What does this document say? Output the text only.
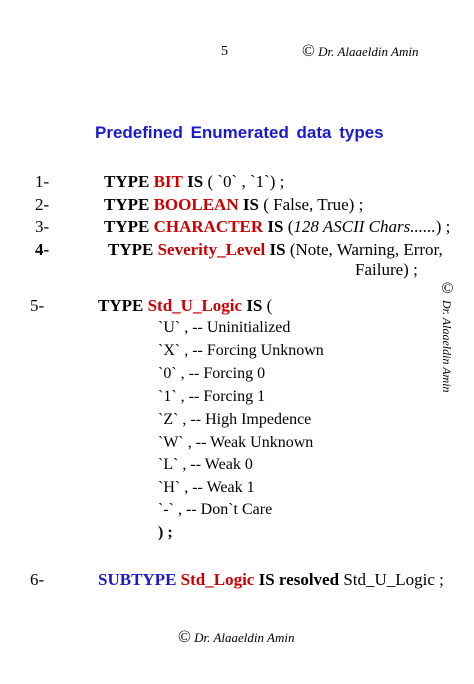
5	© Dr. Alaaeldin Amin
Predefined Enumerated data types
1-	TYPE BIT IS ( `0` , `1`) ;
2-	TYPE BOOLEAN IS ( False, True) ;
3-	TYPE CHARACTER IS (128 ASCII Chars......) ;
4-	TYPE Severity_Level IS (Note, Warning, Error,
Failure) ;
5-	TYPE Std_U_Logic IS (
`U` , -- Uninitialized
`X` , -- Forcing Unknown
`0` , -- Forcing 0
`1` , -- Forcing 1
`Z` , -- High Impedence
`W` , -- Weak Unknown
`L` , -- Weak 0
`H` , -- Weak 1
`-` , -- Don`t Care
) ;
6-	SUBTYPE Std_Logic IS resolved Std_U_Logic ;
© Dr. Alaaeldin Amin
© Dr. Alaaeldin Amin
